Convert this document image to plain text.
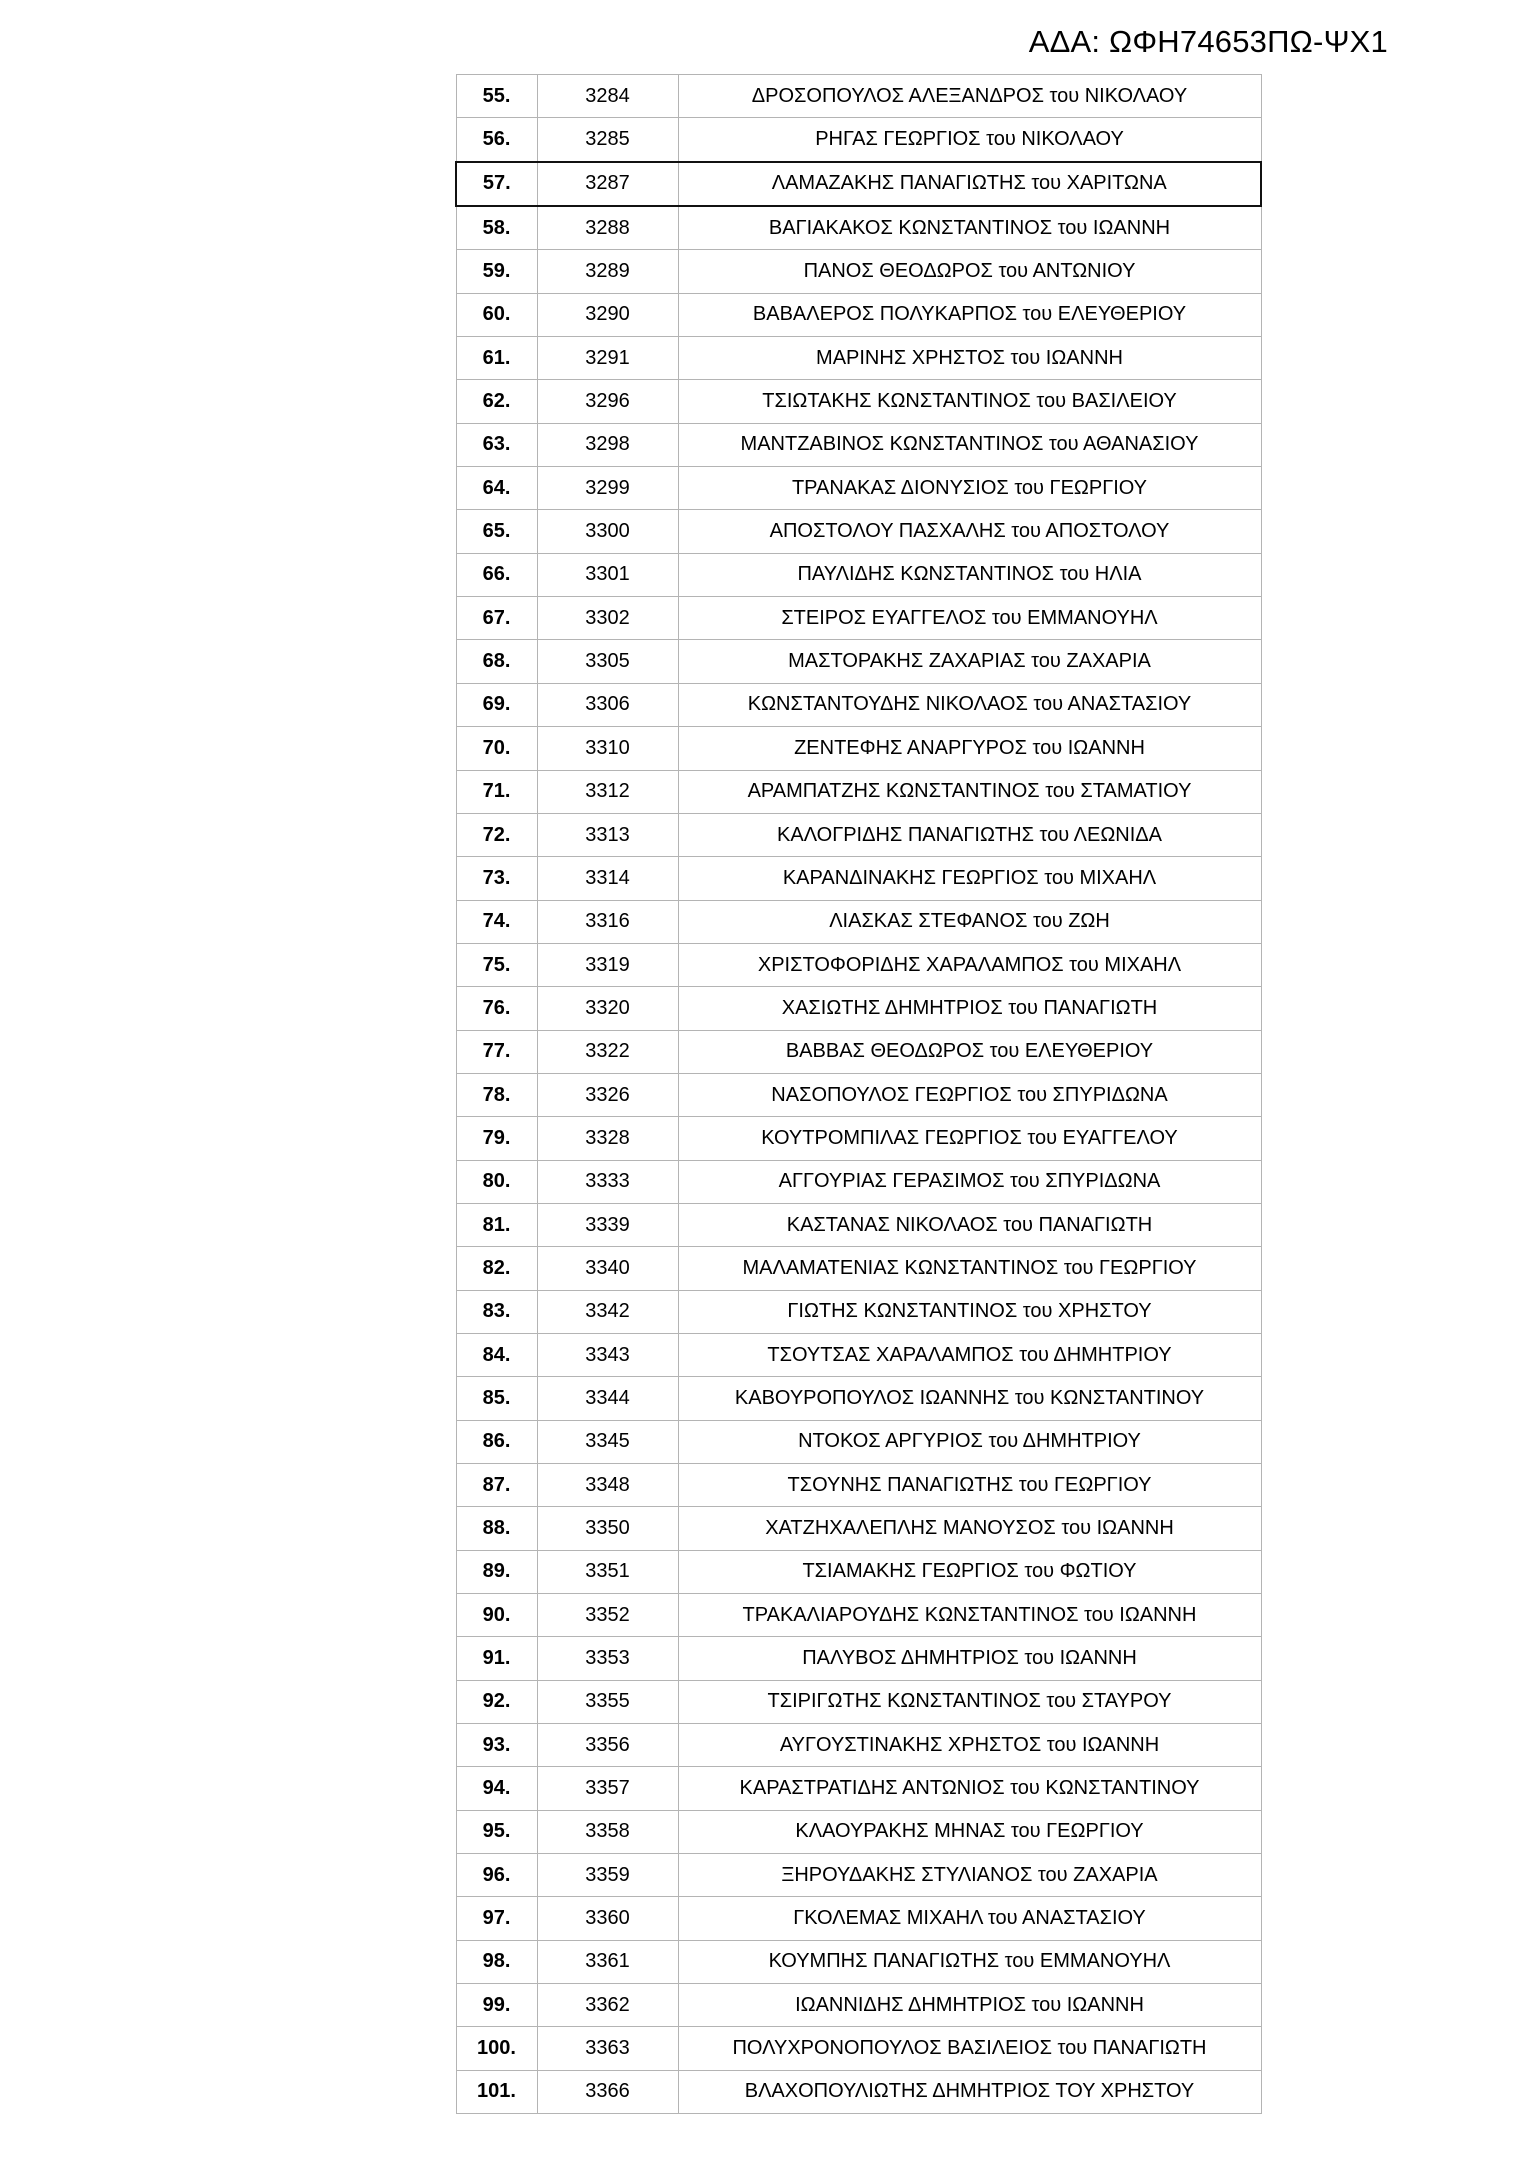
ΑΔΑ: ΩΦΗ74653ΠΩ-ΨΧ1
55.	3284	ΔΡΟΣΟΠΟΥΛΟΣ ΑΛΕΞΑΝΔΡΟΣ του ΝΙΚΟΛΑΟΥ
56.	3285	ΡΗΓΑΣ ΓΕΩΡΓΙΟΣ του ΝΙΚΟΛΑΟΥ
57.	3287	ΛΑΜΑΖΑΚΗΣ ΠΑΝΑΓΙΩΤΗΣ του ΧΑΡΙΤΩΝΑ
58.	3288	ΒΑΓΙΑΚΑΚΟΣ ΚΩΝΣΤΑΝΤΙΝΟΣ του ΙΩΑΝΝΗ
59.	3289	ΠΑΝΟΣ ΘΕΟΔΩΡΟΣ του ΑΝΤΩΝΙΟΥ
60.	3290	ΒΑΒΑΛΕΡΟΣ ΠΟΛΥΚΑΡΠΟΣ του ΕΛΕΥΘΕΡΙΟΥ
61.	3291	ΜΑΡΙΝΗΣ ΧΡΗΣΤΟΣ του ΙΩΑΝΝΗ
62.	3296	ΤΣΙΩΤΑΚΗΣ ΚΩΝΣΤΑΝΤΙΝΟΣ του ΒΑΣΙΛΕΙΟΥ
63.	3298	ΜΑΝΤΖΑΒΙΝΟΣ ΚΩΝΣΤΑΝΤΙΝΟΣ του ΑΘΑΝΑΣΙΟΥ
64.	3299	ΤΡΑΝΑΚΑΣ ΔΙΟΝΥΣΙΟΣ του ΓΕΩΡΓΙΟΥ
65.	3300	ΑΠΟΣΤΟΛΟΥ ΠΑΣΧΑΛΗΣ του ΑΠΟΣΤΟΛΟΥ
66.	3301	ΠΑΥΛΙΔΗΣ ΚΩΝΣΤΑΝΤΙΝΟΣ του ΗΛΙΑ
67.	3302	ΣΤΕΙΡΟΣ ΕΥΑΓΓΕΛΟΣ του ΕΜΜΑΝΟΥΗΛ
68.	3305	ΜΑΣΤΟΡΑΚΗΣ ΖΑΧΑΡΙΑΣ του ΖΑΧΑΡΙΑ
69.	3306	ΚΩΝΣΤΑΝΤΟΥΔΗΣ ΝΙΚΟΛΑΟΣ του ΑΝΑΣΤΑΣΙΟΥ
70.	3310	ΖΕΝΤΕΦΗΣ ΑΝΑΡΓΥΡΟΣ του ΙΩΑΝΝΗ
71.	3312	ΑΡΑΜΠΑΤΖΗΣ ΚΩΝΣΤΑΝΤΙΝΟΣ του ΣΤΑΜΑΤΙΟΥ
72.	3313	ΚΑΛΟΓΡΙΔΗΣ ΠΑΝΑΓΙΩΤΗΣ του ΛΕΩΝΙΔΑ
73.	3314	ΚΑΡΑΝΔΙΝΑΚΗΣ ΓΕΩΡΓΙΟΣ του ΜΙΧΑΗΛ
74.	3316	ΛΙΑΣΚΑΣ ΣΤΕΦΑΝΟΣ του ΖΩΗ
75.	3319	ΧΡΙΣΤΟΦΟΡΙΔΗΣ ΧΑΡΑΛΑΜΠΟΣ του ΜΙΧΑΗΛ
76.	3320	ΧΑΣΙΩΤΗΣ ΔΗΜΗΤΡΙΟΣ του ΠΑΝΑΓΙΩΤΗ
77.	3322	ΒΑΒΒΑΣ ΘΕΟΔΩΡΟΣ του ΕΛΕΥΘΕΡΙΟΥ
78.	3326	ΝΑΣΟΠΟΥΛΟΣ ΓΕΩΡΓΙΟΣ του ΣΠΥΡΙΔΩΝΑ
79.	3328	ΚΟΥΤΡΟΜΠΙΛΑΣ ΓΕΩΡΓΙΟΣ του ΕΥΑΓΓΕΛΟΥ
80.	3333	ΑΓΓΟΥΡΙΑΣ ΓΕΡΑΣΙΜΟΣ του ΣΠΥΡΙΔΩΝΑ
81.	3339	ΚΑΣΤΑΝΑΣ ΝΙΚΟΛΑΟΣ του ΠΑΝΑΓΙΩΤΗ
82.	3340	ΜΑΛΑΜΑΤΕΝΙΑΣ ΚΩΝΣΤΑΝΤΙΝΟΣ του ΓΕΩΡΓΙΟΥ
83.	3342	ΓΙΩΤΗΣ ΚΩΝΣΤΑΝΤΙΝΟΣ του ΧΡΗΣΤΟΥ
84.	3343	ΤΣΟΥΤΣΑΣ ΧΑΡΑΛΑΜΠΟΣ του ΔΗΜΗΤΡΙΟΥ
85.	3344	ΚΑΒΟΥΡΟΠΟΥΛΟΣ ΙΩΑΝΝΗΣ του ΚΩΝΣΤΑΝΤΙΝΟΥ
86.	3345	ΝΤΟΚΟΣ ΑΡΓΥΡΙΟΣ του ΔΗΜΗΤΡΙΟΥ
87.	3348	ΤΣΟΥΝΗΣ ΠΑΝΑΓΙΩΤΗΣ του ΓΕΩΡΓΙΟΥ
88.	3350	ΧΑΤΖΗΧΑΛΕΠΛΗΣ ΜΑΝΟΥΣΟΣ του ΙΩΑΝΝΗ
89.	3351	ΤΣΙΑΜΑΚΗΣ ΓΕΩΡΓΙΟΣ του ΦΩΤΙΟΥ
90.	3352	ΤΡΑΚΑΛΙΑΡΟΥΔΗΣ ΚΩΝΣΤΑΝΤΙΝΟΣ του ΙΩΑΝΝΗ
91.	3353	ΠΑΛΥΒΟΣ ΔΗΜΗΤΡΙΟΣ του ΙΩΑΝΝΗ
92.	3355	ΤΣΙΡΙΓΩΤΗΣ ΚΩΝΣΤΑΝΤΙΝΟΣ του ΣΤΑΥΡΟΥ
93.	3356	ΑΥΓΟΥΣΤΙΝΑΚΗΣ ΧΡΗΣΤΟΣ του ΙΩΑΝΝΗ
94.	3357	ΚΑΡΑΣΤΡΑΤΙΔΗΣ ΑΝΤΩΝΙΟΣ του ΚΩΝΣΤΑΝΤΙΝΟΥ
95.	3358	ΚΛΑΟΥΡΑΚΗΣ ΜΗΝΑΣ του ΓΕΩΡΓΙΟΥ
96.	3359	ΞΗΡΟΥΔΑΚΗΣ ΣΤΥΛΙΑΝΟΣ του ΖΑΧΑΡΙΑ
97.	3360	ΓΚΟΛΕΜΑΣ ΜΙΧΑΗΛ του ΑΝΑΣΤΑΣΙΟΥ
98.	3361	ΚΟΥΜΠΗΣ ΠΑΝΑΓΙΩΤΗΣ του ΕΜΜΑΝΟΥΗΛ
99.	3362	ΙΩΑΝΝΙΔΗΣ ΔΗΜΗΤΡΙΟΣ του ΙΩΑΝΝΗ
100.	3363	ΠΟΛΥΧΡΟΝΟΠΟΥΛΟΣ ΒΑΣΙΛΕΙΟΣ του ΠΑΝΑΓΙΩΤΗ
101.	3366	ΒΛΑΧΟΠΟΥΛΙΩΤΗΣ ΔΗΜΗΤΡΙΟΣ ΤΟΥ ΧΡΗΣΤΟΥ
